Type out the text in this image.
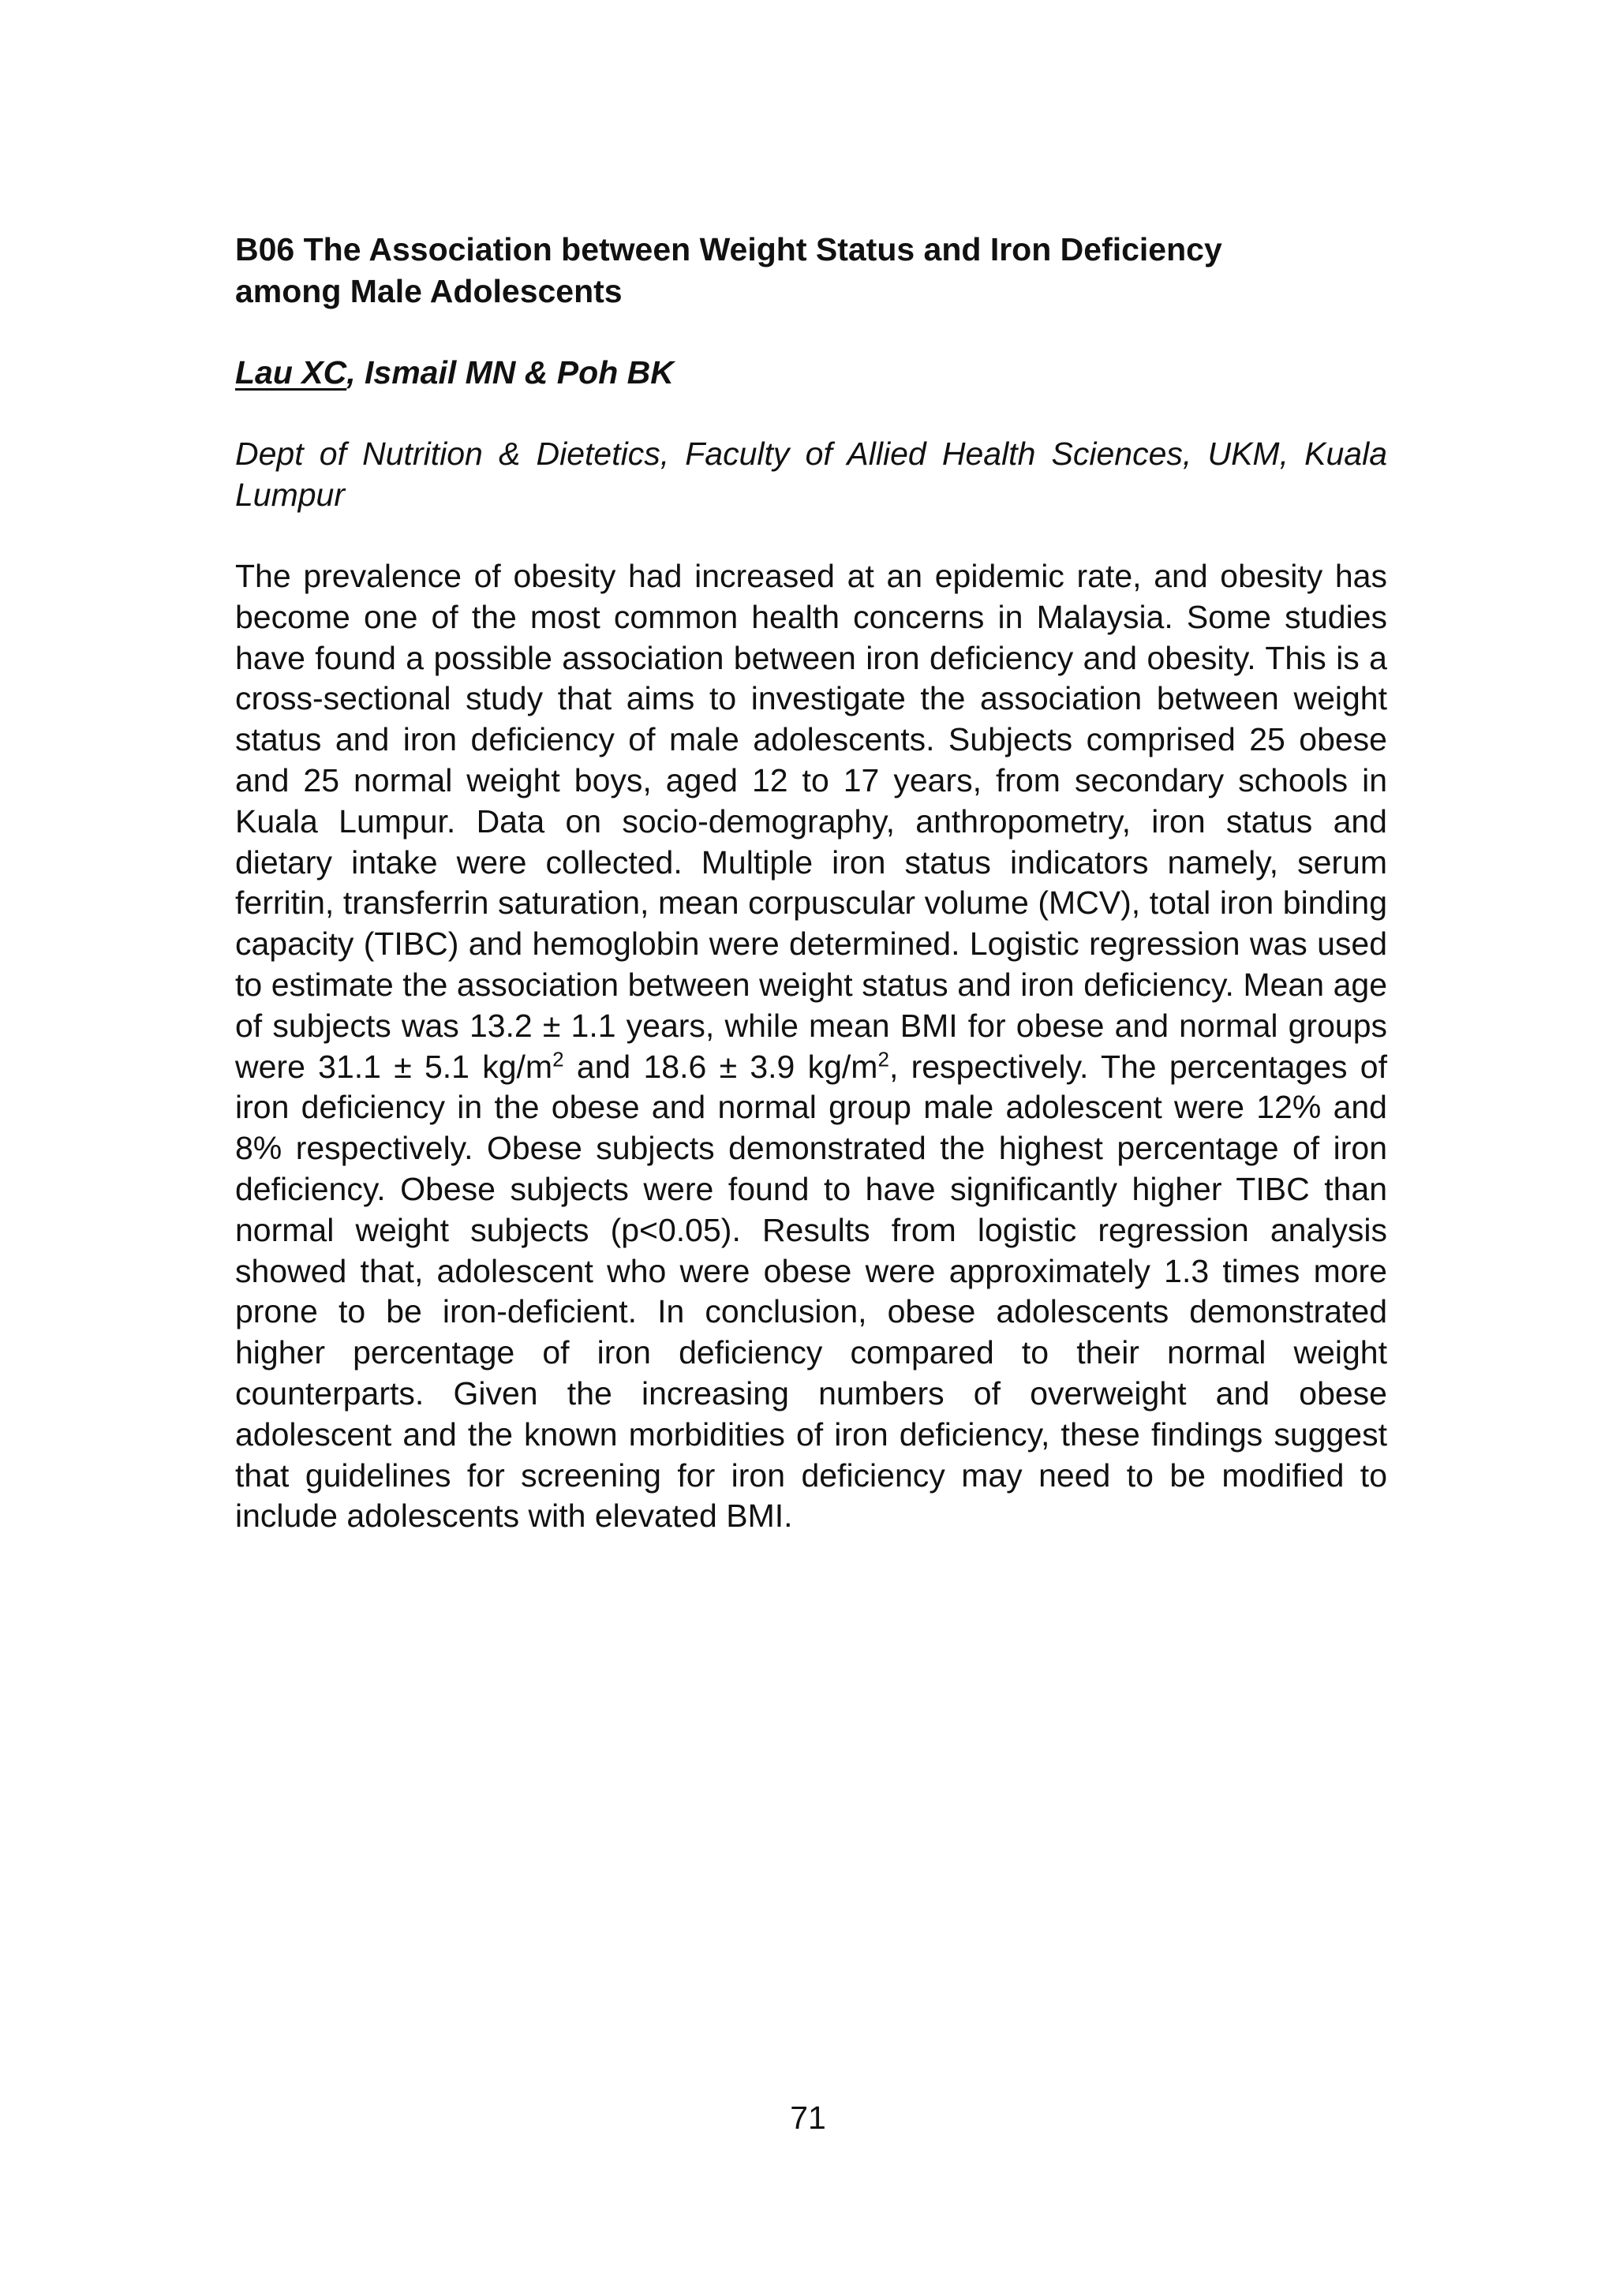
B06 The Association between Weight Status and Iron Deficiency
among Male Adolescents

Lau XC, Ismail MN & Poh BK

Dept of Nutrition & Dietetics, Faculty of Allied Health Sciences, UKM, Kuala Lumpur

The prevalence of obesity had increased at an epidemic rate, and obesity has become one of the most common health concerns in Malaysia. Some studies have found a possible association between iron deficiency and obesity. This is a cross-sectional study that aims to investigate the association between weight status and iron deficiency of male adolescents. Subjects comprised 25 obese and 25 normal weight boys, aged 12 to 17 years, from secondary schools in Kuala Lumpur. Data on socio-demography, anthropometry, iron status and dietary intake were collected. Multiple iron status indicators namely, serum ferritin, transferrin saturation, mean corpuscular volume (MCV), total iron binding capacity (TIBC) and hemoglobin were determined. Logistic regression was used to estimate the association between weight status and iron deficiency. Mean age of subjects was 13.2 ± 1.1 years, while mean BMI for obese and normal groups were 31.1 ± 5.1 $kg/m^2$ and 18.6 ± 3.9 $kg/m^2$, respectively. The percentages of iron deficiency in the obese and normal group male adolescent were 12% and 8% respectively. Obese subjects demonstrated the highest percentage of iron deficiency. Obese subjects were found to have significantly higher TIBC than normal weight subjects (p<0.05). Results from logistic regression analysis showed that, adolescent who were obese were approximately 1.3 times more prone to be iron-deficient. In conclusion, obese adolescents demonstrated higher percentage of iron deficiency compared to their normal weight counterparts. Given the increasing numbers of overweight and obese adolescent and the known morbidities of iron deficiency, these findings suggest that guidelines for screening for iron deficiency may need to be modified to include adolescents with elevated BMI.

71
